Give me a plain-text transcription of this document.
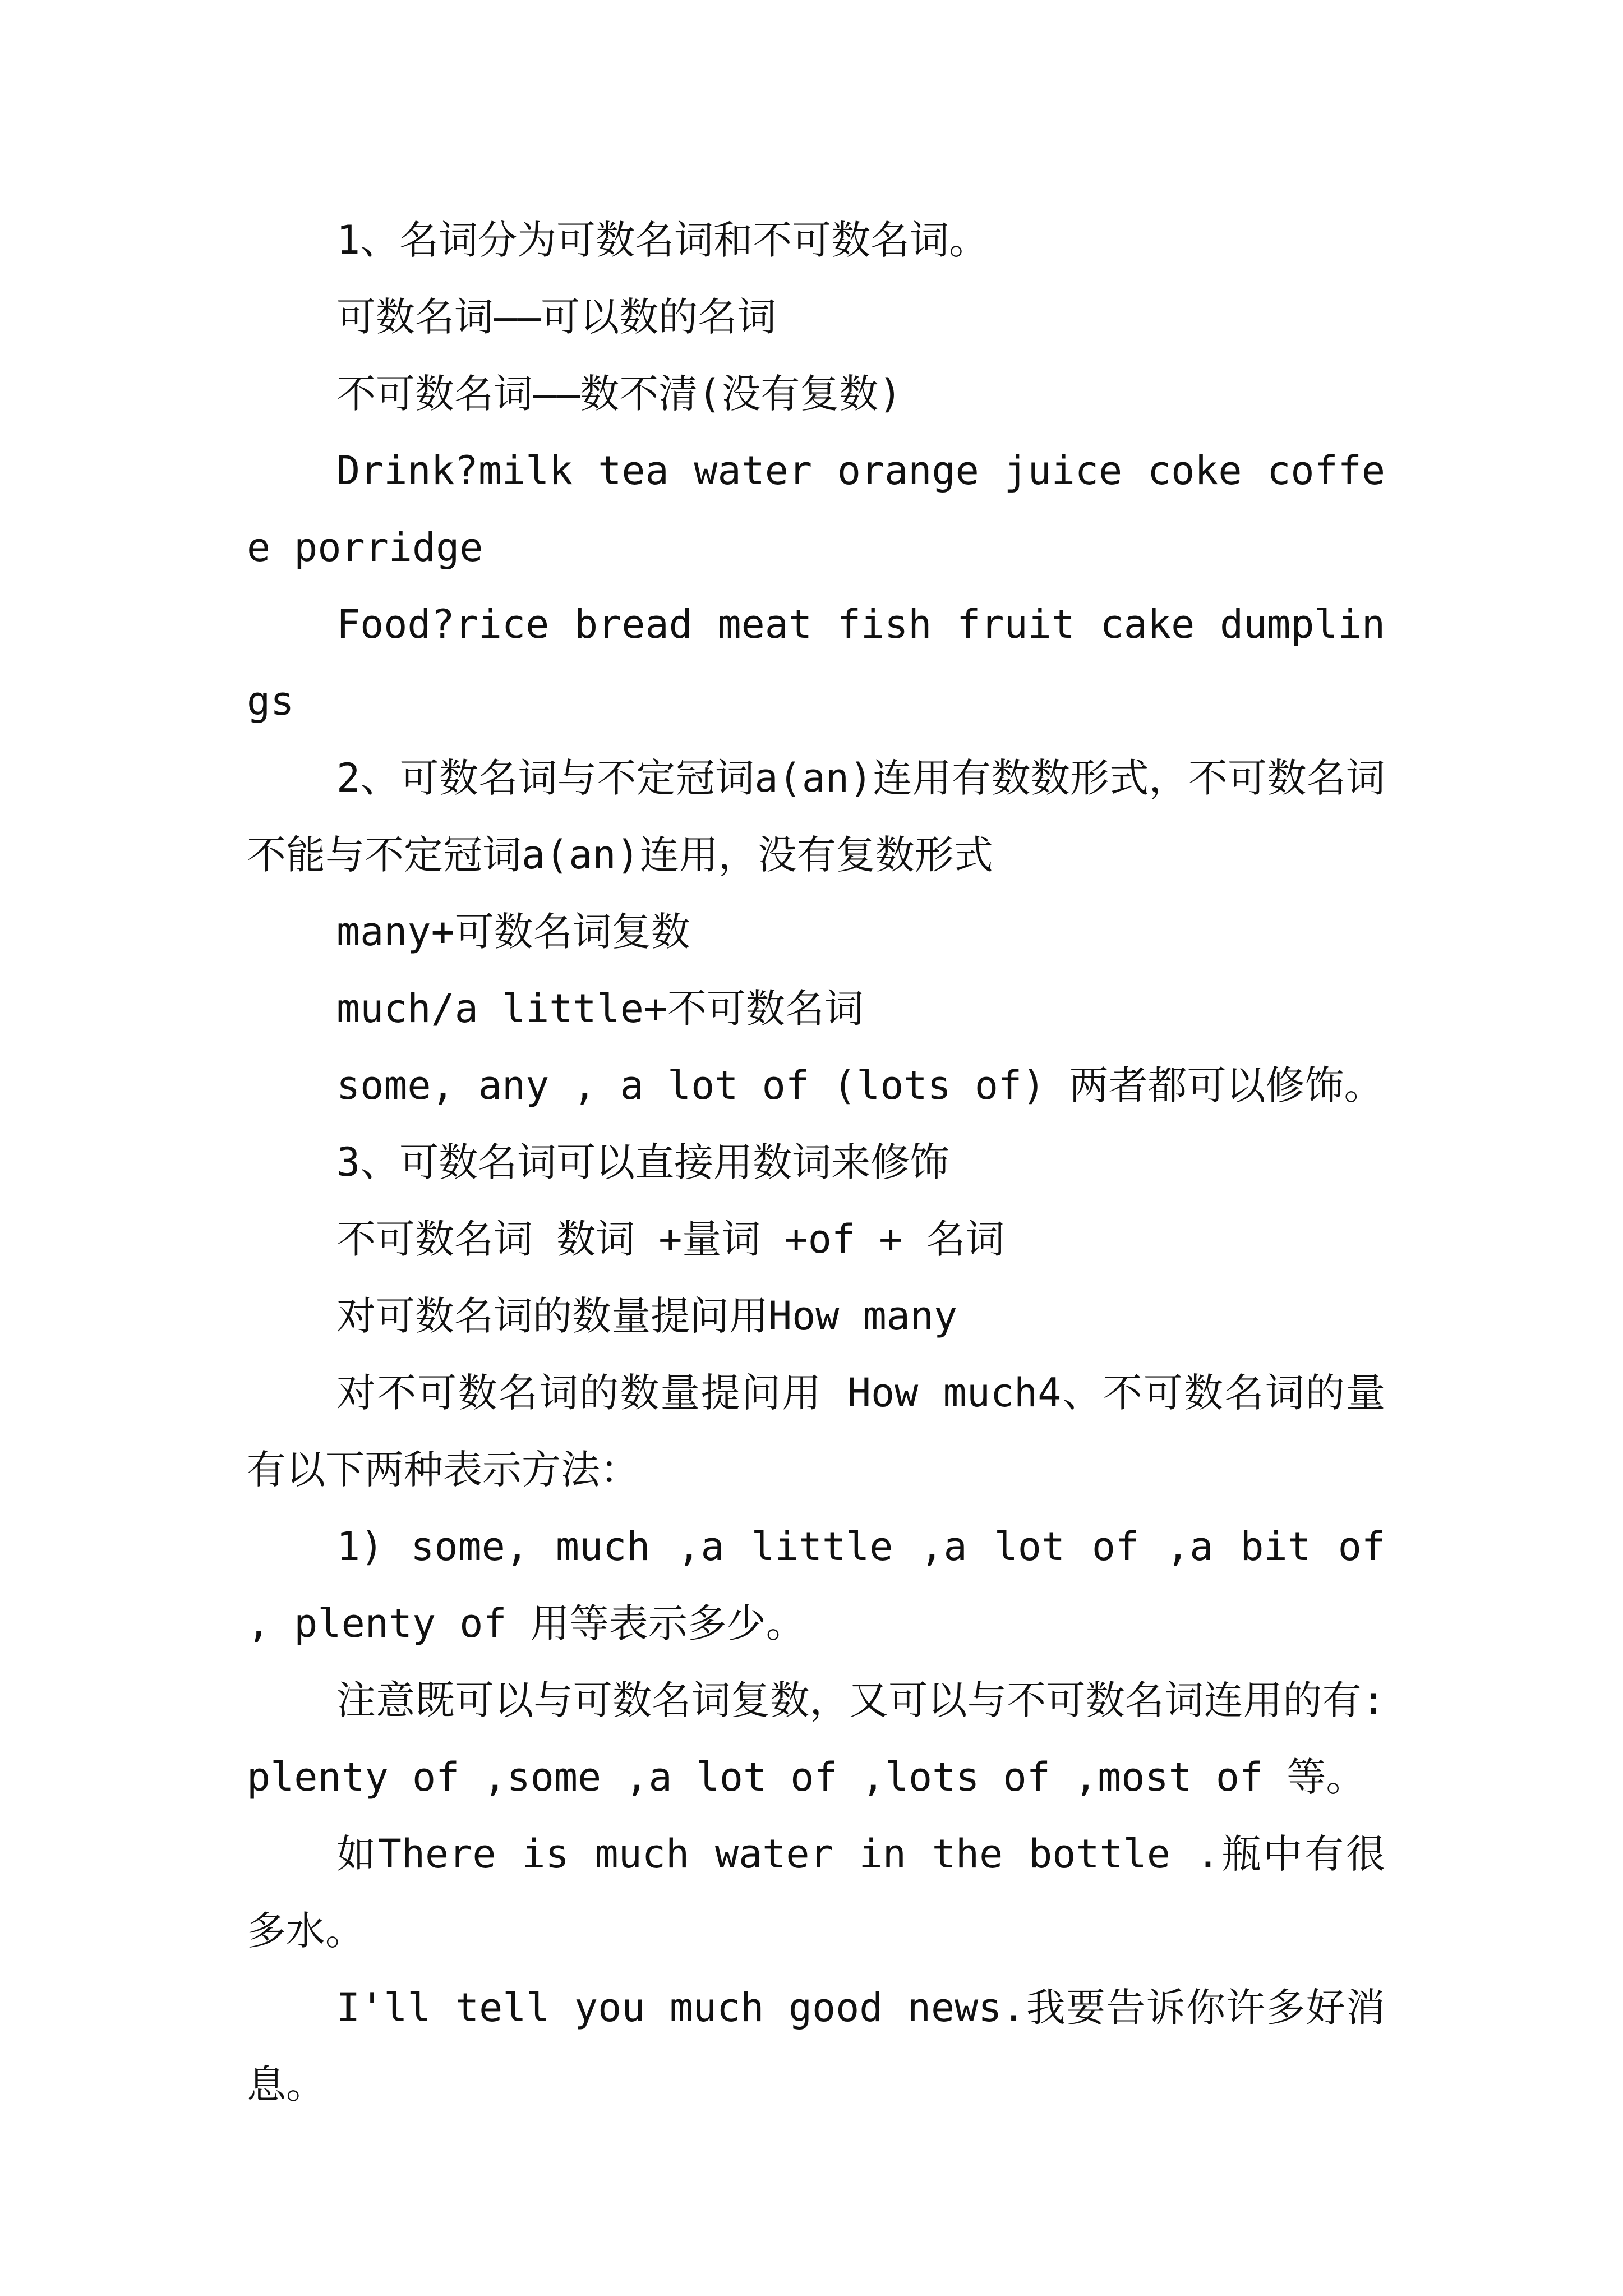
1、名词分为可数名词和不可数名词。

可数名词——可以数的名词

不可数名词——数不清(没有复数)

Drink?milk tea water orange juice coke coffee porridge

Food?rice bread meat fish fruit cake dumplings

2、可数名词与不定冠词a(an)连用有数数形式，不可数名词不能与不定冠词a(an)连用，没有复数形式

many+可数名词复数

much/a little+不可数名词

some, any , a lot of (lots of) 两者都可以修饰。

3、可数名词可以直接用数词来修饰

不可数名词 数词 +量词 +of + 名词

对可数名词的数量提问用How many

对不可数名词的数量提问用 How much4、不可数名词的量有以下两种表示方法：

1) some, much ,a little ,a lot of ,a bit of , plenty of 用等表示多少。

注意既可以与可数名词复数，又可以与不可数名词连用的有:plenty of ,some ,a lot of ,lots of ,most of 等。

如There is much water in the bottle .瓶中有很多水。

I'll tell you much good news.我要告诉你许多好消息。
